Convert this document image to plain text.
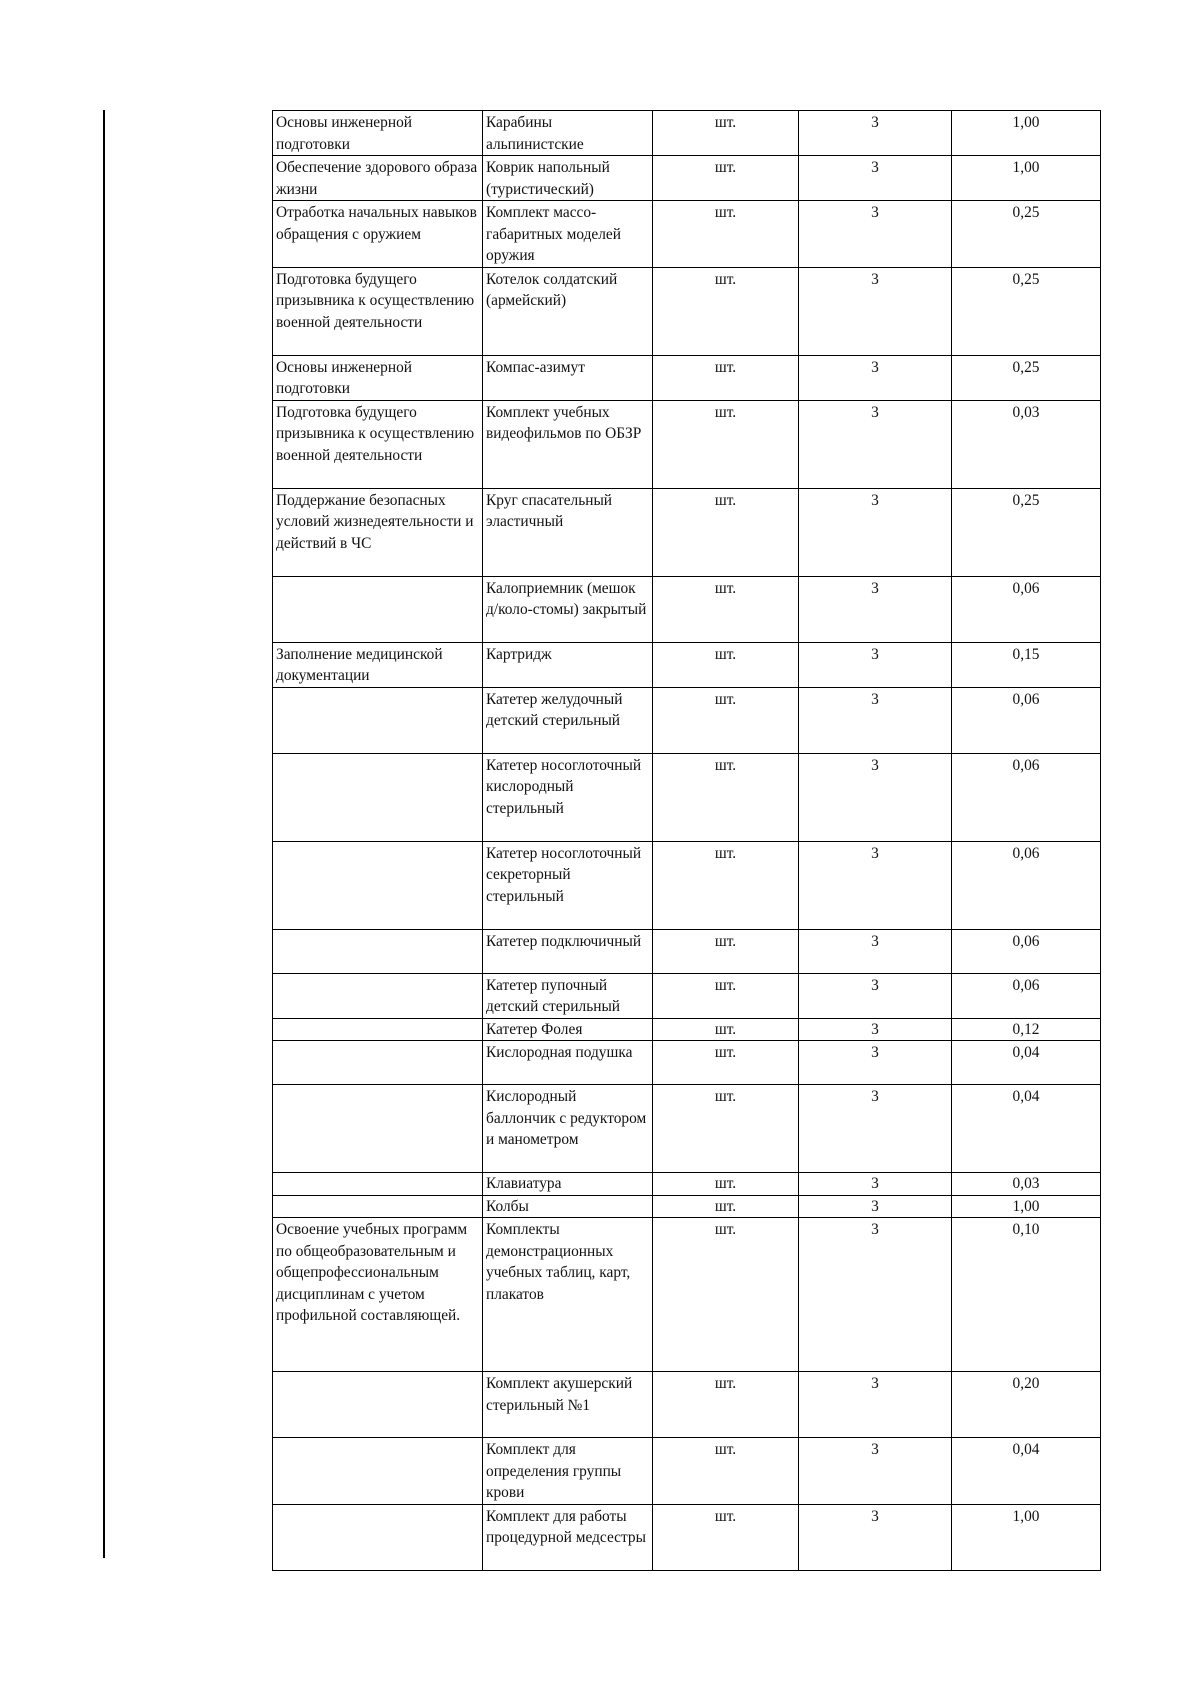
Основы инженерной подготовки	Карабины альпинистские	шт.	3	1,00
Обеспечение здорового образа жизни	Коврик напольный (туристический)	шт.	3	1,00
Отработка начальных навыков обращения с оружием	Комплект массо-габаритных моделей оружия	шт.	3	0,25
Подготовка будущего призывника к осуществлению военной деятельности	Котелок солдатский (армейский)	шт.	3	0,25
Основы инженерной подготовки	Компас-азимут	шт.	3	0,25
Подготовка будущего призывника к осуществлению военной деятельности	Комплект учебных видеофильмов по ОБЗР	шт.	3	0,03
Поддержание безопасных условий жизнедеятельности и действий в ЧС	Круг спасательный эластичный	шт.	3	0,25
	Калоприемник (мешок д/коло-стомы) закрытый	шт.	3	0,06
Заполнение медицинской документации	Картридж	шт.	3	0,15
	Катетер желудочный детский стерильный	шт.	3	0,06
	Катетер носоглоточный кислородный стерильный	шт.	3	0,06
	Катетер носоглоточный секреторный стерильный	шт.	3	0,06
	Катетер подключичный	шт.	3	0,06
	Катетер пупочный детский стерильный	шт.	3	0,06
	Катетер Фолея	шт.	3	0,12
	Кислородная подушка	шт.	3	0,04
	Кислородный баллончик с редуктором и манометром	шт.	3	0,04
	Клавиатура	шт.	3	0,03
	Колбы	шт.	3	1,00
Освоение учебных программ по общеобразовательным и общепрофессиональным дисциплинам с учетом профильной составляющей.	Комплекты демонстрационных учебных таблиц, карт, плакатов	шт.	3	0,10
	Комплект акушерский стерильный №1	шт.	3	0,20
	Комплект для определения группы крови	шт.	3	0,04
	Комплект для работы процедурной медсестры	шт.	3	1,00
